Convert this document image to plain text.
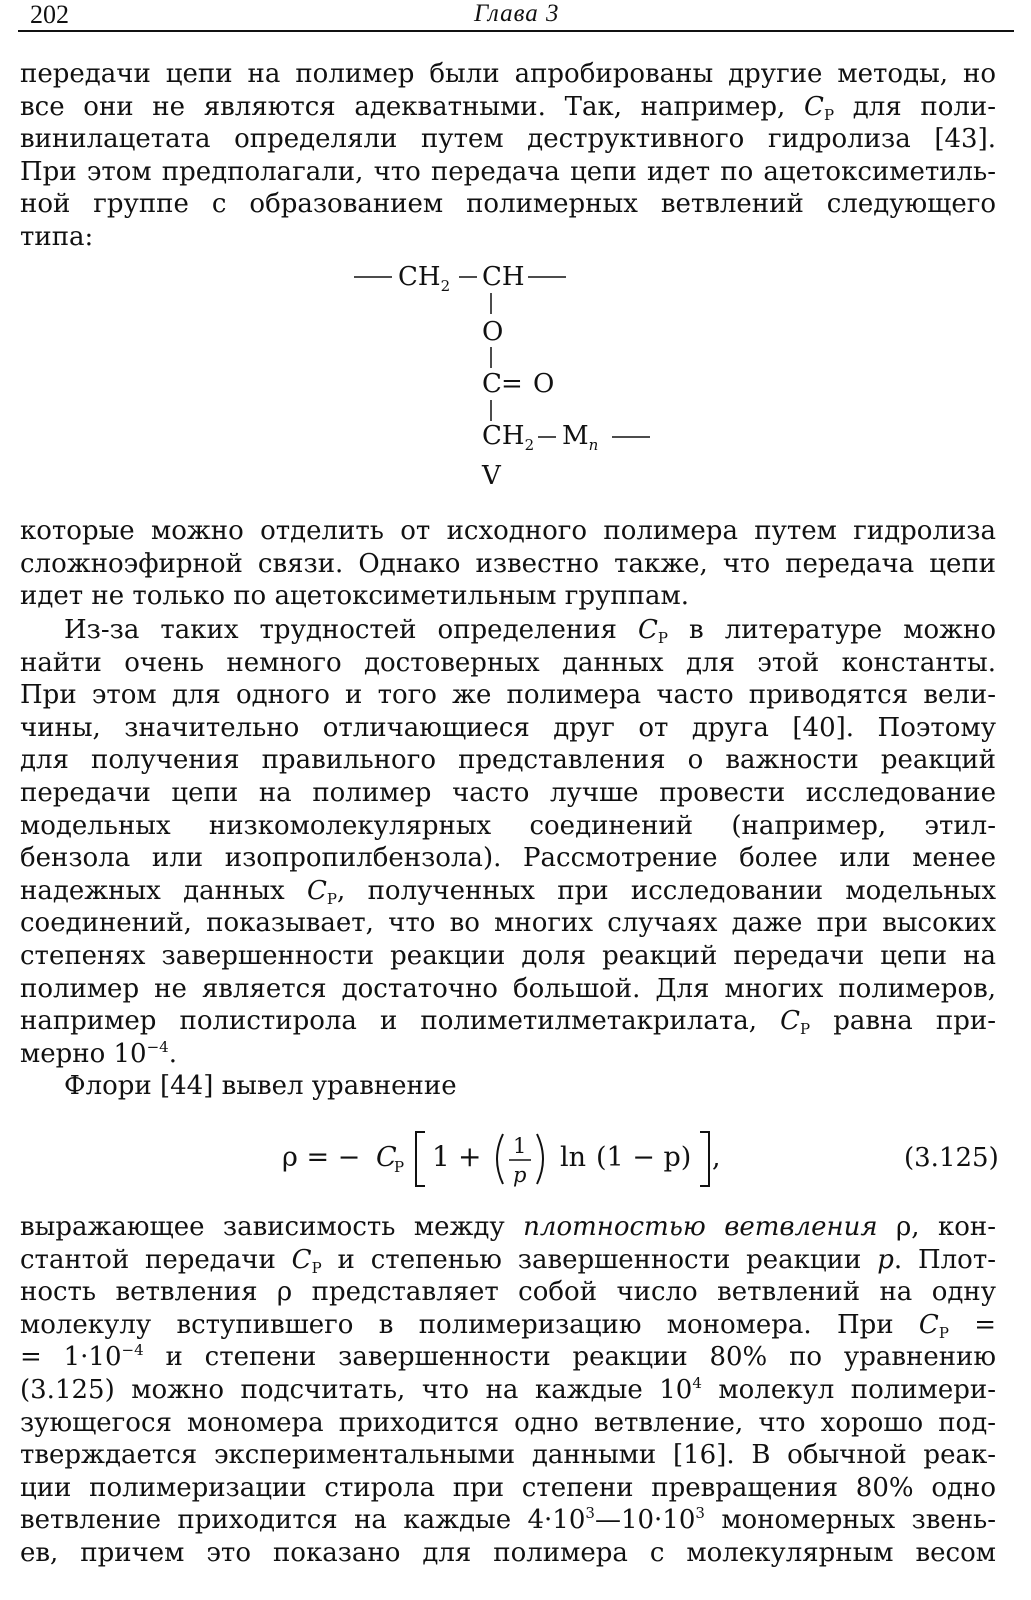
202	Глава 3
передачи цепи на полимер были апробированы другие методы, но
все они не являются адекватными. Так, например, $C_P$ для поли-
винилацетата определяли путем деструктивного гидролиза [43].
При этом предполагали, что передача цепи идет по ацетоксиметиль-
ной группе с образованием полимерных ветвлений следующего
типа:
$CH_2$ CH
O
C = O
$CH_2$ $M_n$
V
которые можно отделить от исходного полимера путем гидролиза
сложноэфирной связи. Однако известно также, что передача цепи
идет не только по ацетоксиметильным группам.
Из-за таких трудностей определения $C_P$ в литературе можно
найти очень немного достоверных данных для этой константы.
При этом для одного и того же полимера часто приводятся вели-
чины, значительно отличающиеся друг от друга [40]. Поэтому
для получения правильного представления о важности реакций
передачи цепи на полимер часто лучше провести исследование
модельных низкомолекулярных соединений (например, этил-
бензола или изопропилбензола). Рассмотрение более или менее
надежных данных $C_P$, полученных при исследовании модельных
соединений, показывает, что во многих случаях даже при высоких
степенях завершенности реакции доля реакций передачи цепи на
полимер не является достаточно большой. Для многих полимеров,
например полистирола и полиметилметакрилата, $C_P$ равна при-
мерно $10^{-4}$.
Флори [44] вывел уравнение
ρ = − C
P 1 + 1
p
ln (1 − p) ,	(3.125)
выражающее зависимость между плотностью ветвления ρ, кон-
стантой передачи $C_P$ и степенью завершенности реакции p. Плот-
ность ветвления ρ представляет собой число ветвлений на одну
молекулу вступившего в полимеризацию мономера. При $C_P$ =
= $1\cdot 10^{-4}$ и степени завершенности реакции 80% по уравнению
(3.125) можно подсчитать, что на каждые $10^4$ молекул полимери-
зующегося мономера приходится одно ветвление, что хорошо под-
тверждается экспериментальными данными [16]. В обычной реак-
ции полимеризации стирола при степени превращения 80% одно
ветвление приходится на каждые $4\cdot 10^3—10\cdot 10^3$ мономерных звень-
ев, причем это показано для полимера с молекулярным весом
